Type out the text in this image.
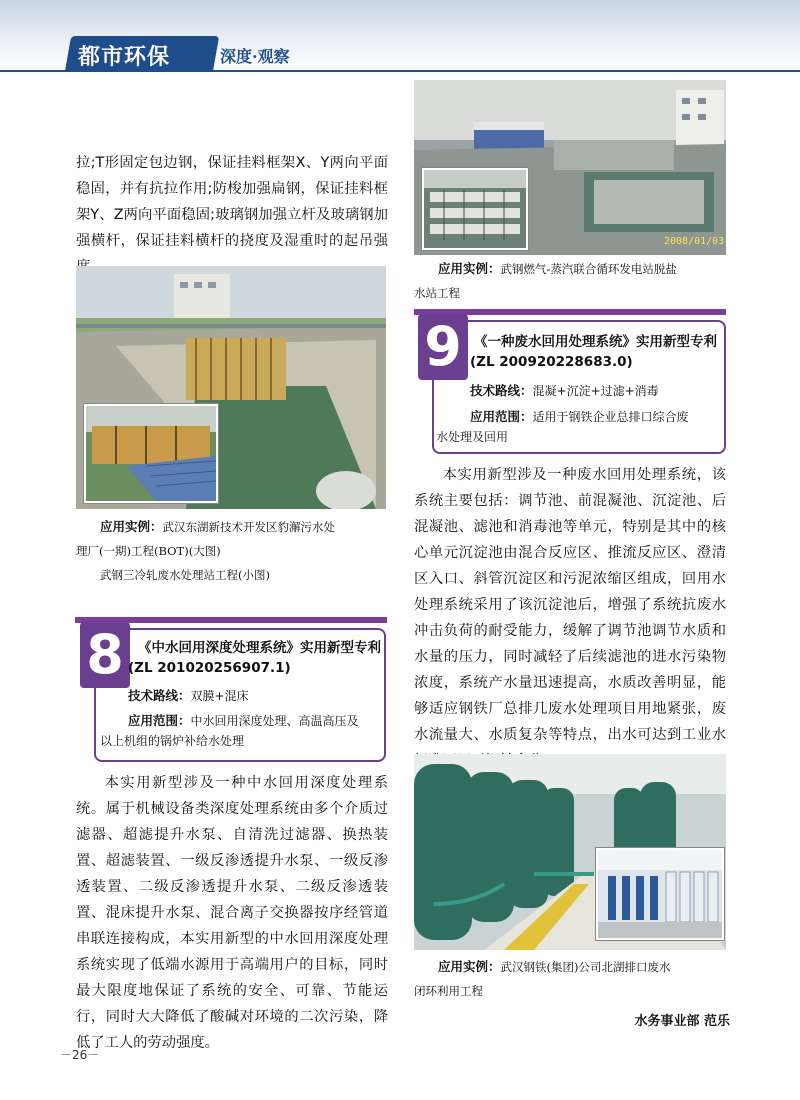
都市环保	深度·观察
拉;T形固定包边钢，保证挂料框架X、Y两向平面稳固，并有抗拉作用;防梭加强扁钢，保证挂料框架Y、Z两向平面稳固;玻璃钢加强立杆及玻璃钢加强横杆，保证挂料横杆的挠度及湿重时的起吊强
应用实例：武汉东湖新技术开发区豹澥污水处
理厂(一期)工程(BOT)(大图)
武钢三冷轧废水处理站工程(小图)
8	《中水回用深度处理系统》实用新型专利
(ZL 201020256907.1)
技术路线：双膜+混床
应用范围：中水回用深度处理、高温高压及
以上机组的锅炉补给水处理
本实用新型涉及一种中水回用深度处理系统。属于机械设备类深度处理系统由多个介质过滤器、超滤提升水泵、自清洗过滤器、换热装置、超滤装置、一级反渗透提升水泵、一级反渗透装置、二级反渗透提升水泵、二级反渗透装置、混床提升水泵、混合离子交换器按序经管道串联连接构成，本实用新型的中水回用深度处理系统实现了低端水源用于高端用户的目标，同时最大限度地保证了系统的安全、可靠、节能运行，同时大大降低了酸碱对环境的二次污染，降低了工人的劳动强度。
2008/01/03
应用实例：武钢燃气-蒸汽联合循环发电站脱盐
水站工程
9 《一种废水回用处理系统》实用新型专利
(ZL 200920228683.0)
技术路线：混凝+沉淀+过滤+消毒
应用范围：适用于钢铁企业总排口综合废
水处理及回用
本实用新型涉及一种废水回用处理系统，该系统主要包括：调节池、前混凝池、沉淀池、后混凝池、滤池和消毒池等单元，特别是其中的核心单元沉淀池由混合反应区、推流反应区、澄清区入口、斜管沉淀区和污泥浓缩区组成，回用水处理系统采用了该沉淀池后，增强了系统抗废水冲击负荷的耐受能力，缓解了调节池调节水质和水量的压力，同时减轻了后续滤池的进水污染物浓度，系统产水量迅速提高，水质改善明显，能够适应钢铁厂总排几废水处理项目用地紧张，废水流量大、水质复杂等特点，出水可达到工业水
应用实例：武汉钢铁(集团)公司北湖排口废水
闭环利用工程
水务事业部 范乐
－26－
